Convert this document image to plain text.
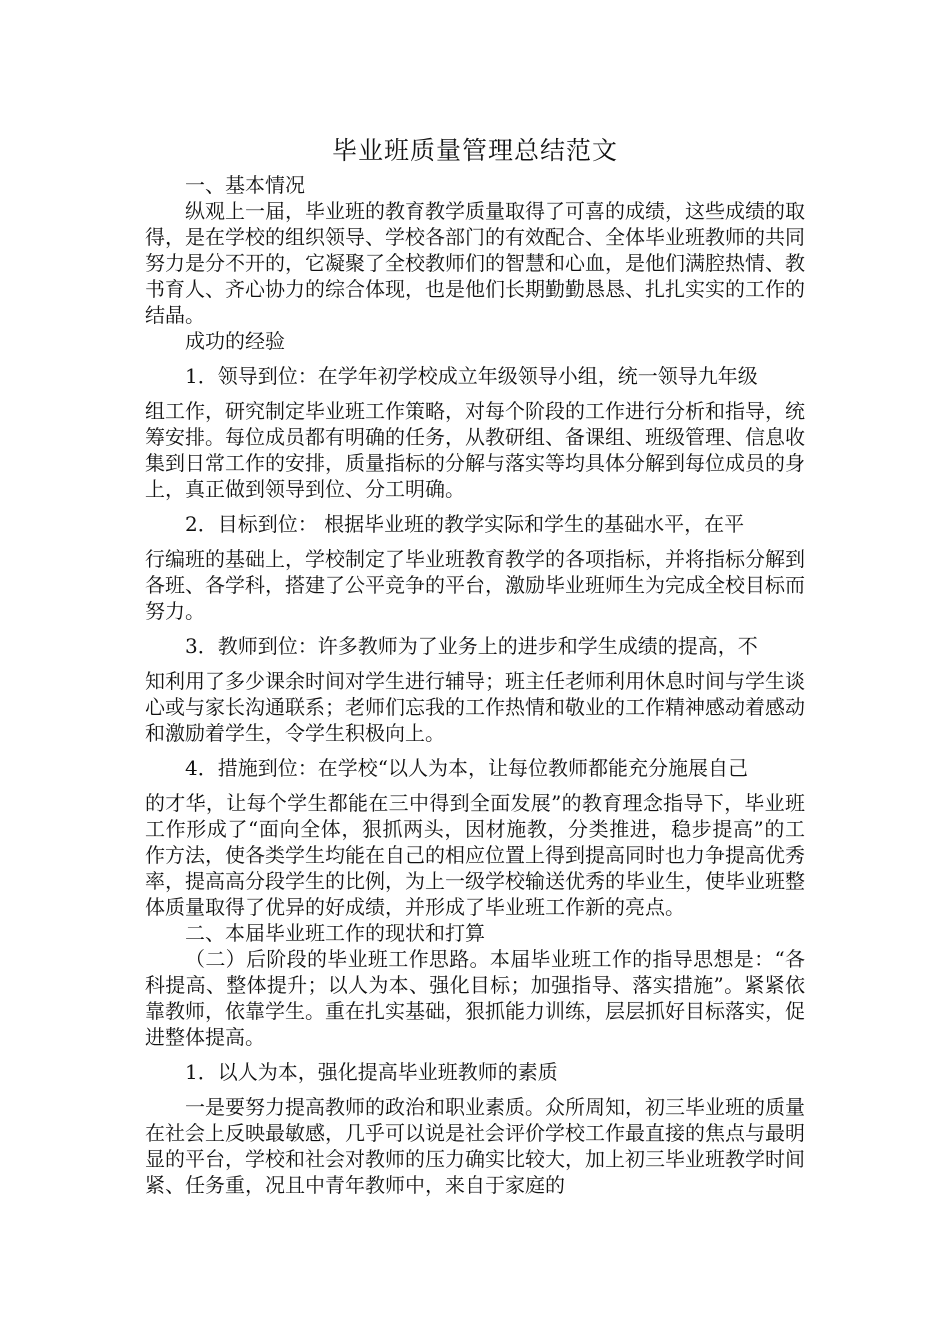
毕业班质量管理总结范文

一、基本情况

纵观上一届，毕业班的教育教学质量取得了可喜的成绩，这些成绩的取得，是在学校的组织领导、学校各部门的有效配合、全体毕业班教师的共同努力是分不开的，它凝聚了全校教师们的智慧和心血，是他们满腔热情、教书育人、齐心协力的综合体现，也是他们长期勤勤恳恳、扎扎实实的工作的结晶。

成功的经验

1．领导到位：在学年初学校成立年级领导小组，统一领导九年级

组工作，研究制定毕业班工作策略，对每个阶段的工作进行分析和指导，统筹安排。每位成员都有明确的任务，从教研组、备课组、班级管理、信息收集到日常工作的安排，质量指标的分解与落实等均具体分解到每位成员的身上，真正做到领导到位、分工明确。

2．目标到位： 根据毕业班的教学实际和学生的基础水平，在平

行编班的基础上，学校制定了毕业班教育教学的各项指标，并将指标分解到各班、各学科，搭建了公平竞争的平台，激励毕业班师生为完成全校目标而努力。

3．教师到位：许多教师为了业务上的进步和学生成绩的提高，不

知利用了多少课余时间对学生进行辅导；班主任老师利用休息时间与学生谈心或与家长沟通联系；老师们忘我的工作热情和敬业的工作精神感动着感动和激励着学生，令学生积极向上。

4．措施到位：在学校“以人为本，让每位教师都能充分施展自己

的才华，让每个学生都能在三中得到全面发展”的教育理念指导下，毕业班工作形成了“面向全体，狠抓两头，因材施教，分类推进，稳步提高”的工作方法，使各类学生均能在自己的相应位置上得到提高同时也力争提高优秀率，提高高分段学生的比例，为上一级学校输送优秀的毕业生，使毕业班整体质量取得了优异的好成绩，并形成了毕业班工作新的亮点。

二、本届毕业班工作的现状和打算

（二）后阶段的毕业班工作思路。本届毕业班工作的指导思想是：“各科提高、整体提升；以人为本、强化目标；加强指导、落实措施”。紧紧依靠教师，依靠学生。重在扎实基础，狠抓能力训练，层层抓好目标落实，促进整体提高。

1．以人为本，强化提高毕业班教师的素质

一是要努力提高教师的政治和职业素质。众所周知，初三毕业班的质量在社会上反映最敏感，几乎可以说是社会评价学校工作最直接的焦点与最明显的平台，学校和社会对教师的压力确实比较大，加上初三毕业班教学时间紧、任务重，况且中青年教师中，来自于家庭的
